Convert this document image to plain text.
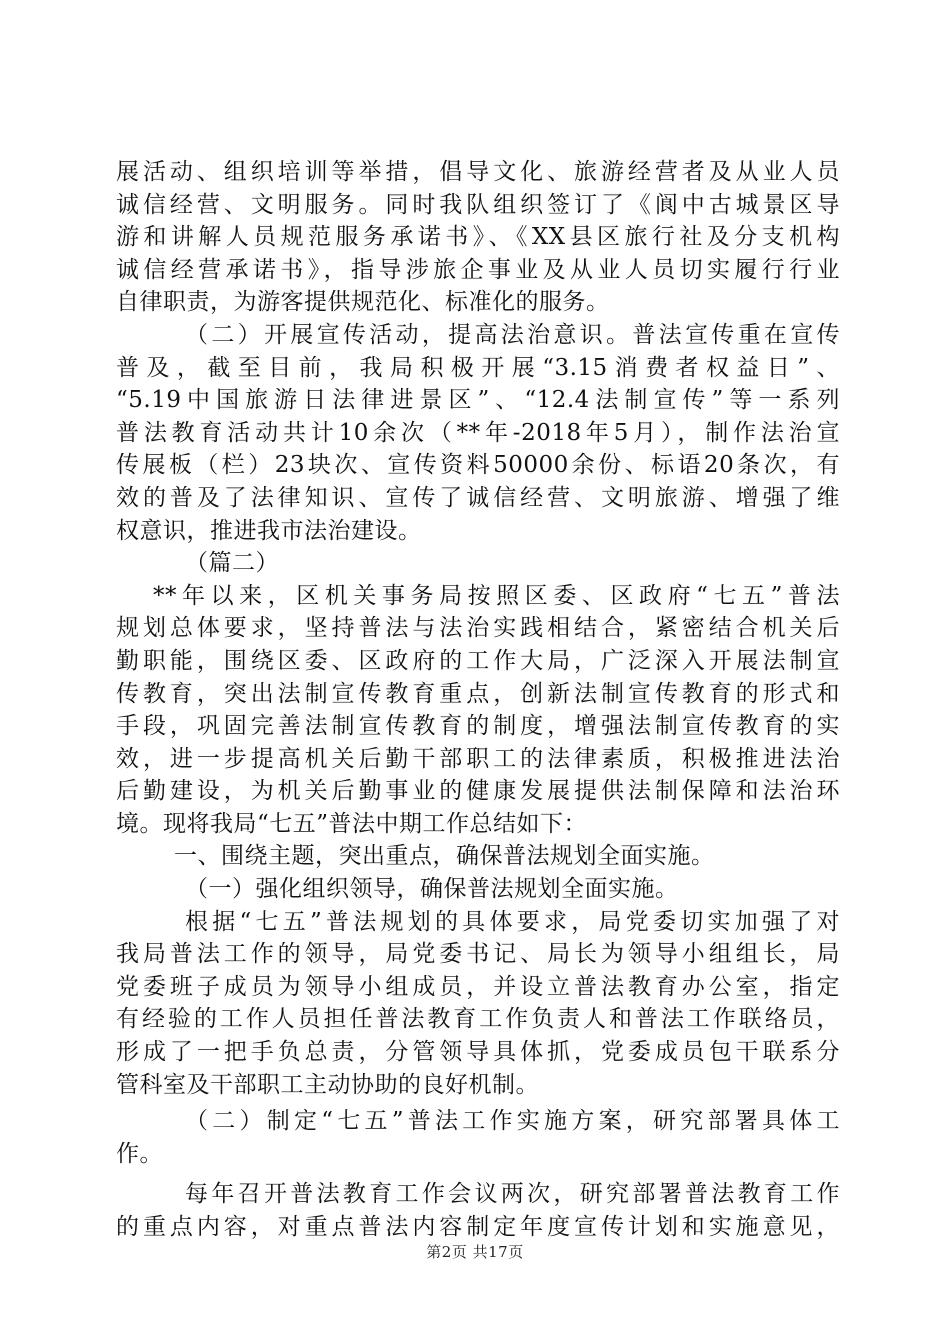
展活动、组织培训等举措，倡导文化、旅游经营者及从业人员
诚信经营、文明服务。同时我队组织签订了《阆中古城景区导
游和讲解人员规范服务承诺书》、《XX县区旅行社及分支机构
诚信经营承诺书》，指导涉旅企事业及从业人员切实履行行业
自律职责，为游客提供规范化、标准化的服务。
（二）开展宣传活动，提高法治意识。普法宣传重在宣传
普及，截至目前，我局积极开展“3.15消费者权益日”、
“5.19中国旅游日法律进景区”、“12.4法制宣传”等一系列
普法教育活动共计10余次（**年-2018年5月），制作法治宣
传展板（栏）23块次、宣传资料50000余份、标语20条次，有
效的普及了法律知识、宣传了诚信经营、文明旅游、增强了维
权意识，推进我市法治建设。
（篇二）
**年以来，区机关事务局按照区委、区政府“七五”普法
规划总体要求，坚持普法与法治实践相结合，紧密结合机关后
勤职能，围绕区委、区政府的工作大局，广泛深入开展法制宣
传教育，突出法制宣传教育重点，创新法制宣传教育的形式和
手段，巩固完善法制宣传教育的制度，增强法制宣传教育的实
效，进一步提高机关后勤干部职工的法律素质，积极推进法治
后勤建设，为机关后勤事业的健康发展提供法制保障和法治环
境。现将我局“七五”普法中期工作总结如下：
一、围绕主题，突出重点，确保普法规划全面实施。
（一）强化组织领导，确保普法规划全面实施。
根据“七五”普法规划的具体要求，局党委切实加强了对
我局普法工作的领导，局党委书记、局长为领导小组组长，局
党委班子成员为领导小组成员，并设立普法教育办公室，指定
有经验的工作人员担任普法教育工作负责人和普法工作联络员，
形成了一把手负总责，分管领导具体抓，党委成员包干联系分
管科室及干部职工主动协助的良好机制。
（二）制定“七五”普法工作实施方案，研究部署具体工
作。
每年召开普法教育工作会议两次，研究部署普法教育工作
的重点内容，对重点普法内容制定年度宣传计划和实施意见，
第2页 共17页
